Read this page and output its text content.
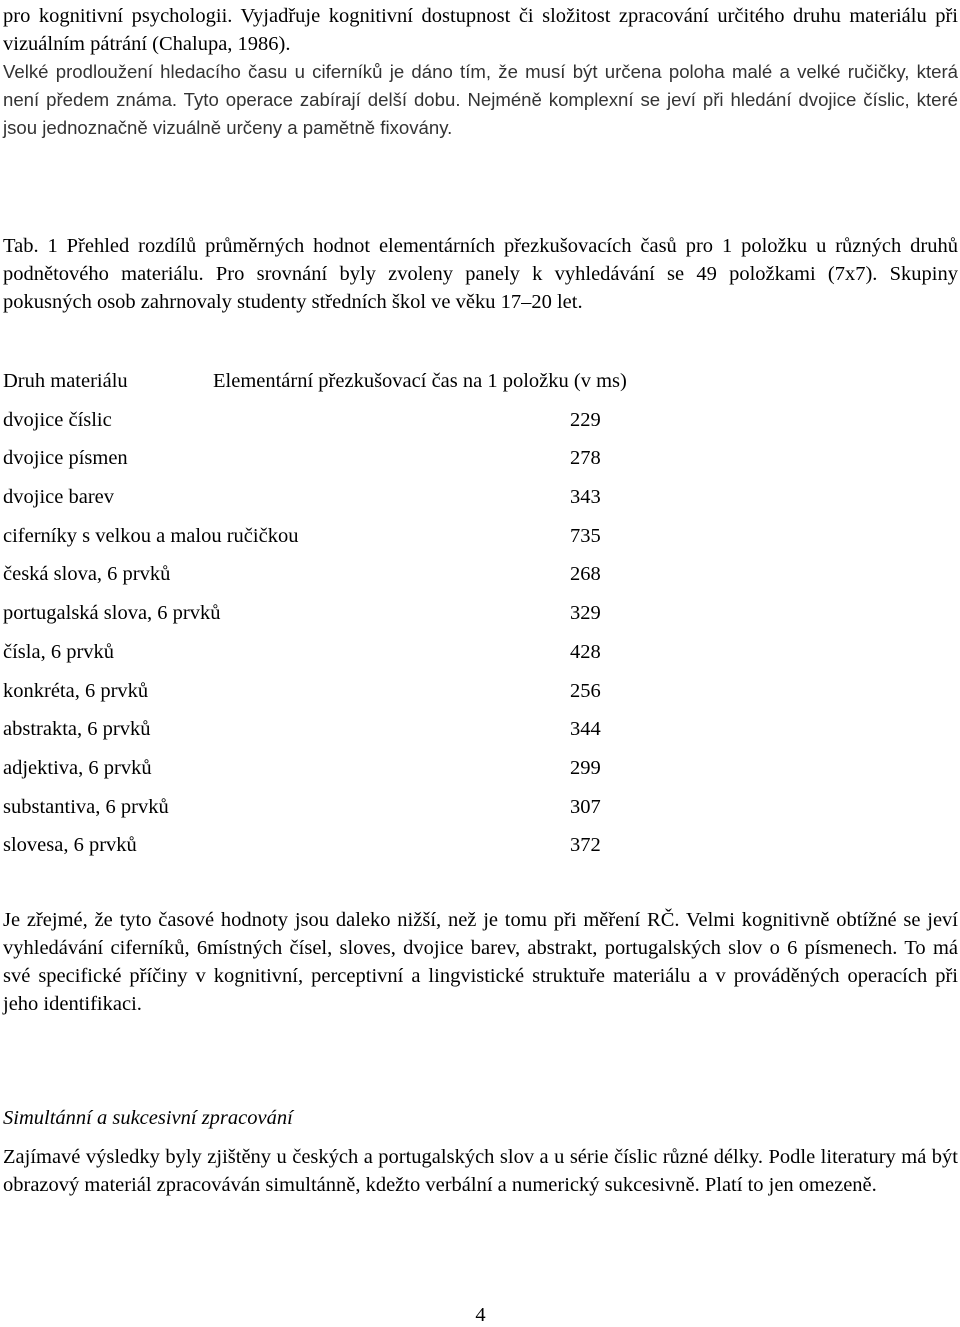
pro kognitivní psychologii. Vyjadřuje kognitivní dostupnost či složitost zpracování určitého druhu materiálu při vizuálním pátrání (Chalupa, 1986).

Velké prodloužení hledacího času u ciferníků je dáno tím, že musí být určena poloha malé a velké ručičky, která není předem známa. Tyto operace zabírají delší dobu. Nejméně komplexní se jeví při hledání dvojice číslic, které jsou jednoznačně vizuálně určeny a pamětně fixovány.

Tab. 1 Přehled rozdílů průměrných hodnot elementárních přezkušovacích časů pro 1 položku u různých druhů podnětového materiálu. Pro srovnání byly zvoleny panely k vyhledávání se 49 položkami (7x7). Skupiny pokusných osob zahrnovaly studenty středních škol ve věku 17–20 let.

Druh materiálu	Elementární přezkušovací čas na 1 položku (v ms)
dvojice číslic	229
dvojice písmen	278
dvojice barev	343
ciferníky s velkou a malou ručičkou	735
česká slova, 6 prvků	268
portugalská slova, 6 prvků	329
čísla, 6 prvků	428
konkréta, 6 prvků	256
abstrakta, 6 prvků	344
adjektiva, 6 prvků	299
substantiva, 6 prvků	307
slovesa, 6 prvků	372

Je zřejmé, že tyto časové hodnoty jsou daleko nižší, než je tomu při měření RČ. Velmi kognitivně obtížné se jeví vyhledávání ciferníků, 6místných čísel, sloves, dvojice barev, abstrakt, portugalských slov o 6 písmenech. To má své specifické příčiny v kognitivní, perceptivní a lingvistické struktuře materiálu a v prováděných operacích při jeho identifikaci.

Simultánní a sukcesivní zpracování

Zajímavé výsledky byly zjištěny u českých a portugalských slov a u série číslic různé délky. Podle literatury má být obrazový materiál zpracováván simultánně, kdežto verbální a numerický sukcesivně. Platí to jen omezeně.

4
